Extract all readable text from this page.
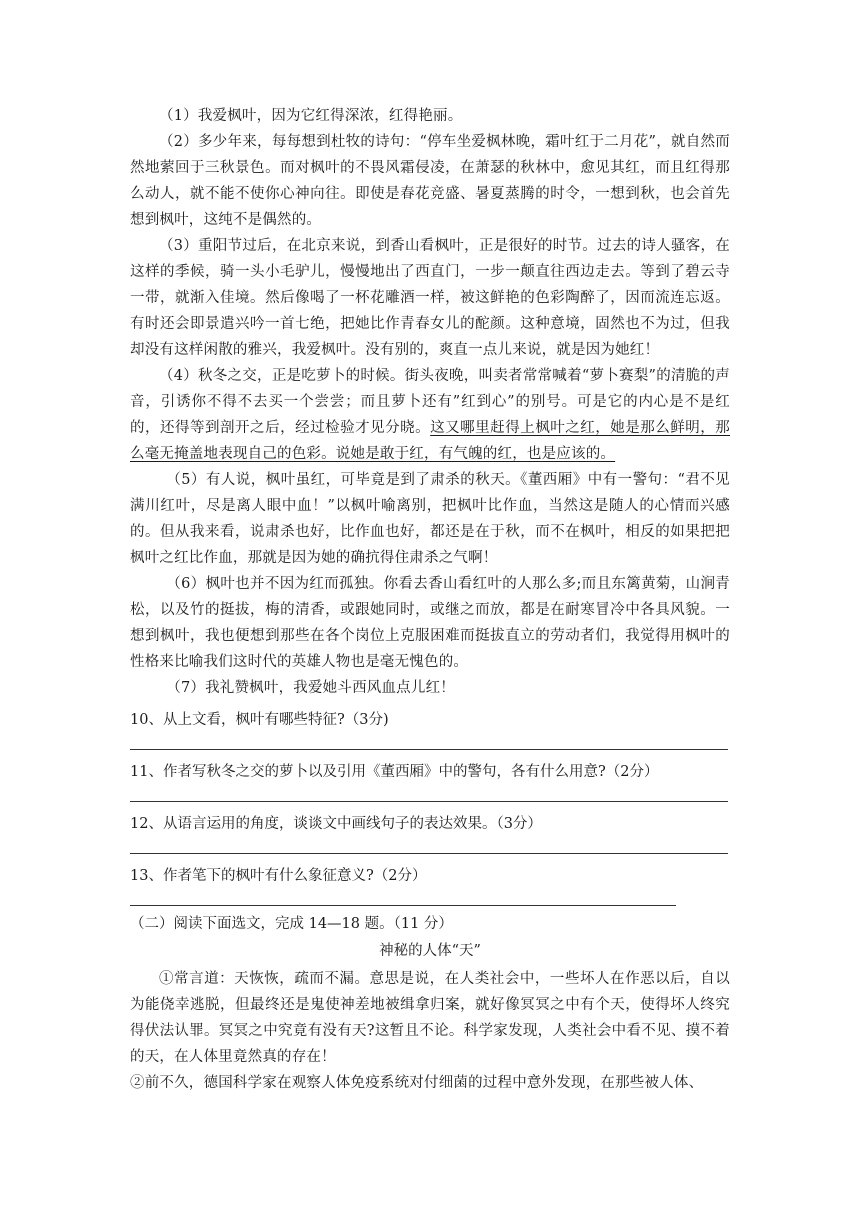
（1）我爱枫叶，因为它红得深浓，红得艳丽。

（2）多少年来，每每想到杜牧的诗句：“停车坐爱枫林晚，霜叶红于二月花”，就自然而然地萦回于三秋景色。而对枫叶的不畏风霜侵凌，在萧瑟的秋林中，愈见其红，而且红得那么动人，就不能不使你心神向往。即使是春花竞盛、暑夏蒸腾的时令，一想到秋，也会首先想到枫叶，这纯不是偶然的。

（3）重阳节过后，在北京来说，到香山看枫叶，正是很好的时节。过去的诗人骚客，在这样的季候，骑一头小毛驴儿，慢慢地出了西直门，一步一颠直往西边走去。等到了碧云寺一带，就渐入佳境。然后像喝了一杯花雕酒一样，被这鲜艳的色彩陶醉了，因而流连忘返。有时还会即景遣兴吟一首七绝，把她比作青春女儿的酡颜。这种意境，固然也不为过，但我却没有这样闲散的雅兴，我爱枫叶。没有别的，爽直一点儿来说，就是因为她红！

（4）秋冬之交，正是吃萝卜的时候。街头夜晚，叫卖者常常喊着“萝卜赛梨”的清脆的声音，引诱你不得不去买一个尝尝；而且萝卜还有”红到心”的别号。可是它的内心是不是红的，还得等到剖开之后，经过检验才见分晓。这又哪里赶得上枫叶之红，她是那么鲜明，那么毫无掩盖地表现自己的色彩。说她是敢于红，有气魄的红，也是应该的。

（5）有人说，枫叶虽红，可毕竟是到了肃杀的秋天。《董西厢》中有一警句：“君不见满川红叶，尽是离人眼中血！”以枫叶喻离别，把枫叶比作血，当然这是随人的心情而兴感的。但从我来看，说肃杀也好，比作血也好，都还是在于秋，而不在枫叶，相反的如果把把枫叶之红比作血，那就是因为她的确抗得住肃杀之气啊！

（6）枫叶也并不因为红而孤独。你看去香山看红叶的人那么多;而且东篱黄菊，山涧青松，以及竹的挺拔，梅的清香，或跟她同时，或继之而放，都是在耐寒冒冷中各具风貌。一想到枫叶，我也便想到那些在各个岗位上克服困难而挺拔直立的劳动者们，我觉得用枫叶的性格来比喻我们这时代的英雄人物也是毫无愧色的。

（7）我礼赞枫叶，我爱她斗西风血点儿红！

10、从上文看，枫叶有哪些特征?（3分)
11、作者写秋冬之交的萝卜以及引用《董西厢》中的警句，各有什么用意?（2分）
12、从语言运用的角度，谈谈文中画线句子的表达效果。（3分）
13、作者笔下的枫叶有什么象征意义?（2分）
（二）阅读下面选文，完成 14—18 题。（11 分）
神秘的人体“天”

①常言道：天恢恢，疏而不漏。意思是说，在人类社会中，一些坏人在作恶以后，自以为能侥幸逃脱，但最终还是鬼使神差地被缉拿归案，就好像冥冥之中有个天，使得坏人终究得伏法认罪。冥冥之中究竟有没有天?这暂且不论。科学家发现，人类社会中看不见、摸不着的天，在人体里竟然真的存在！

②前不久，德国科学家在观察人体免疫系统对付细菌的过程中意外发现，在那些被人体、
